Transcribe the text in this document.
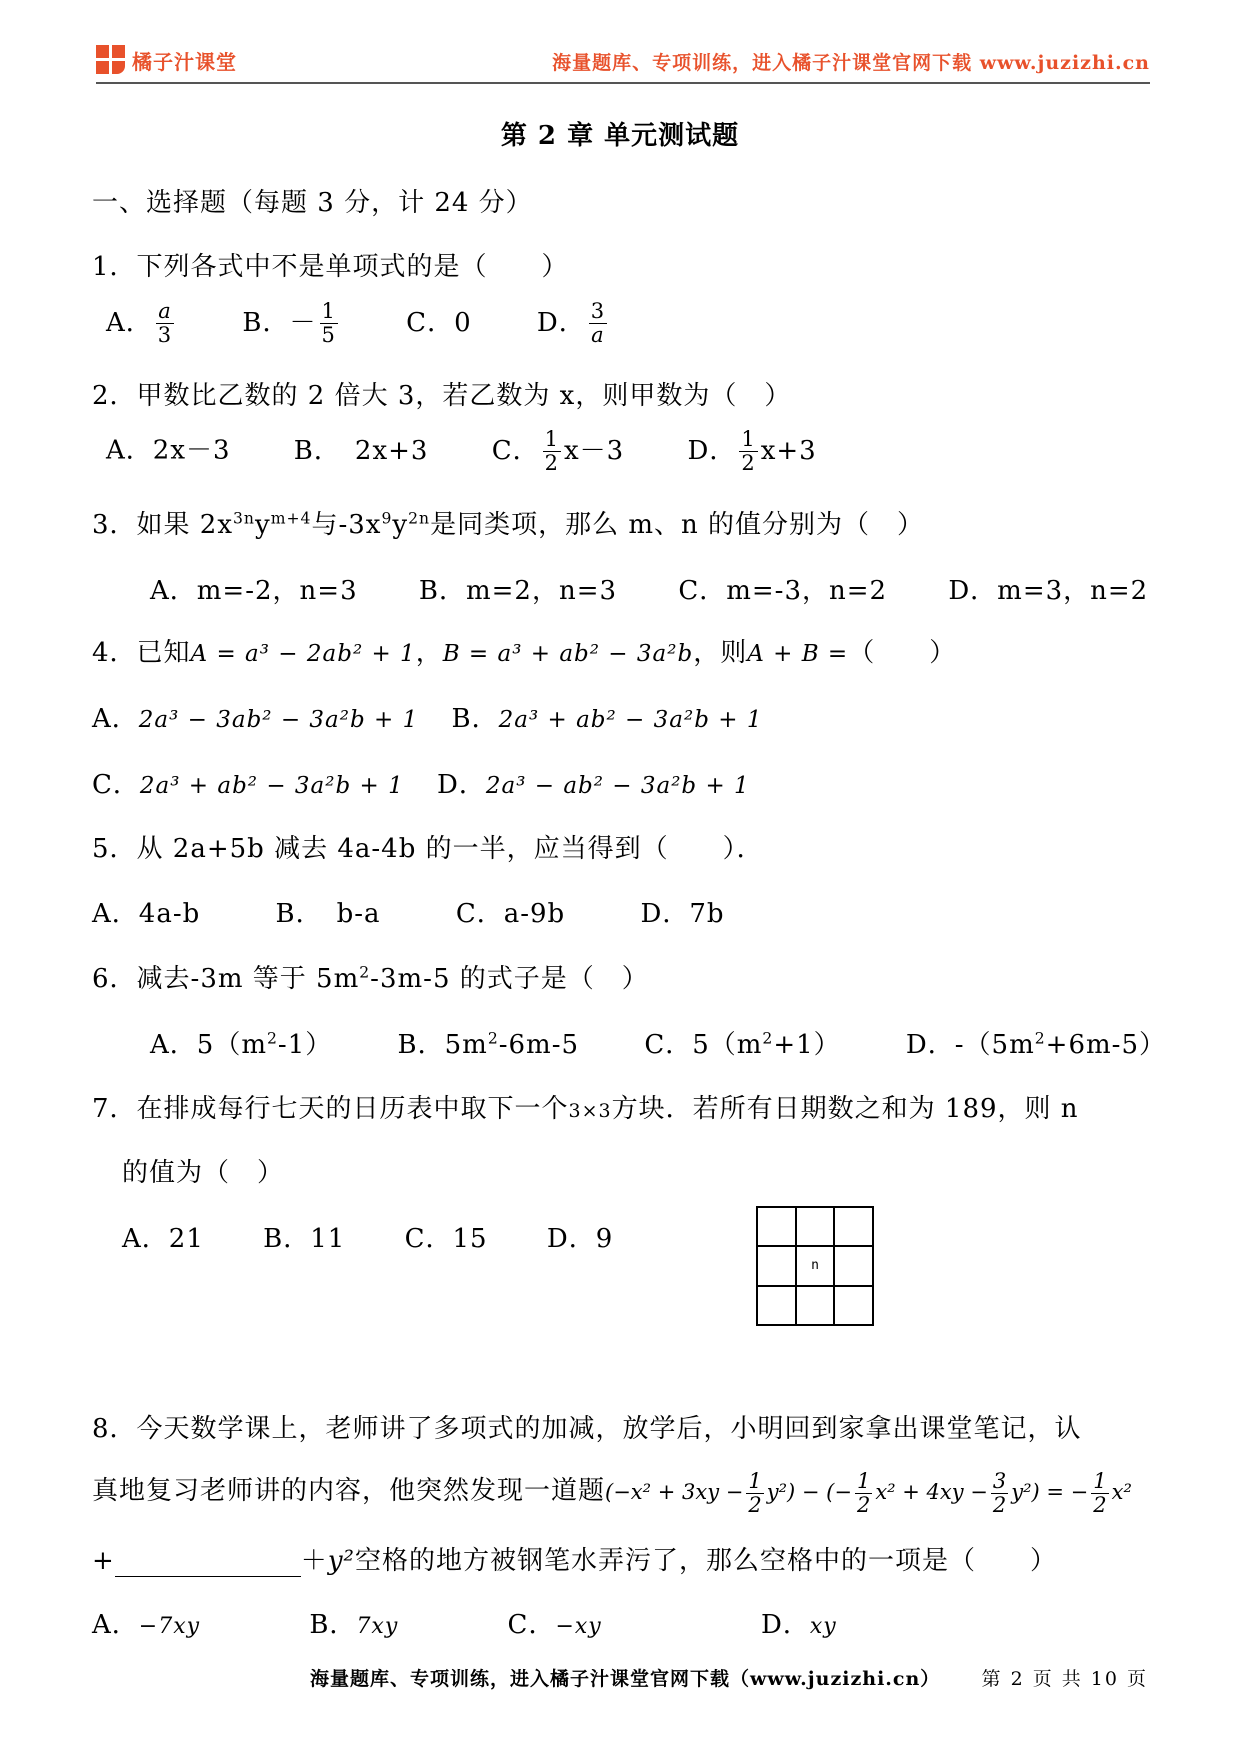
橘子汁课堂	海量题库、专项训练，进入橘子汁课堂官网下载 www.juzizhi.cn
第 2 章 单元测试题
一、选择题（每题 3 分，计 24 分）
1．下列各式中不是单项式的是（　　）
A． $\frac{a}{3}$	B．－ $\frac{1}{5}$	C．0	D． $\frac{3}{a}$
2．甲数比乙数的 2 倍大 3，若乙数为 x，则甲数为（　）
A．2x－3 B．　2x+3 C． $\frac{1}{2} x-3$ D． $\frac{1}{2} x+3$
3．如果 $2x^{3n}y^{m+4}$与$-3x^9y^{2n}$是同类项，那么 m、n 的值分别为（　）
A．m=-2，n=3 B．m=2，n=3 C．m=-3，n=2 D．m=3，n=2
4．已知A = a³ − 2ab² + 1，B = a³ + ab² − 3a²b，则A + B =（　　）
A．2a³ − 3ab² − 3a²b + 1 B．2a³ + ab² − 3a²b + 1
C．2a³ + ab² − 3a²b + 1 D．2a³ − ab² − 3a²b + 1
5．从 2a+5b 减去 4a-4b 的一半，应当得到（　　）．
A．4a-b	B．　b-a	C．a-9b	D．7b
6．减去-3m 等于 $5m^2-3m-5$ 的式子是（　）
A．$5(m^2-1)$	B．$5m^2-6m-5$	C．$5(m^2+1)$	D．$-(5m^2+6m-5)$
7．在排成每行七天的日历表中取下一个3×3方块．若所有日期数之和为 189，则 n
的值为（　）
A．21 B．11 C．15 D．9
n
8．今天数学课上，老师讲了多项式的加减，放学后，小明回到家拿出课堂笔记，认
真地复习老师讲的内容，他突然发现一道题$(-x^2 + 3xy - \frac{1}{2} y^2)$ − (− $\frac{1}{2} x^2 + 4xy - \frac{3}{2} y^2$) = − $\frac{1}{2} x^2$
+	＋y²空格的地方被钢笔水弄污了，那么空格中的一项是（　　）
A．−7xy	B．7xy	C．−xy	D．xy
海量题库、专项训练，进入橘子汁课堂官网下载（www.juzizhi.cn） 第 2 页 共 10 页
